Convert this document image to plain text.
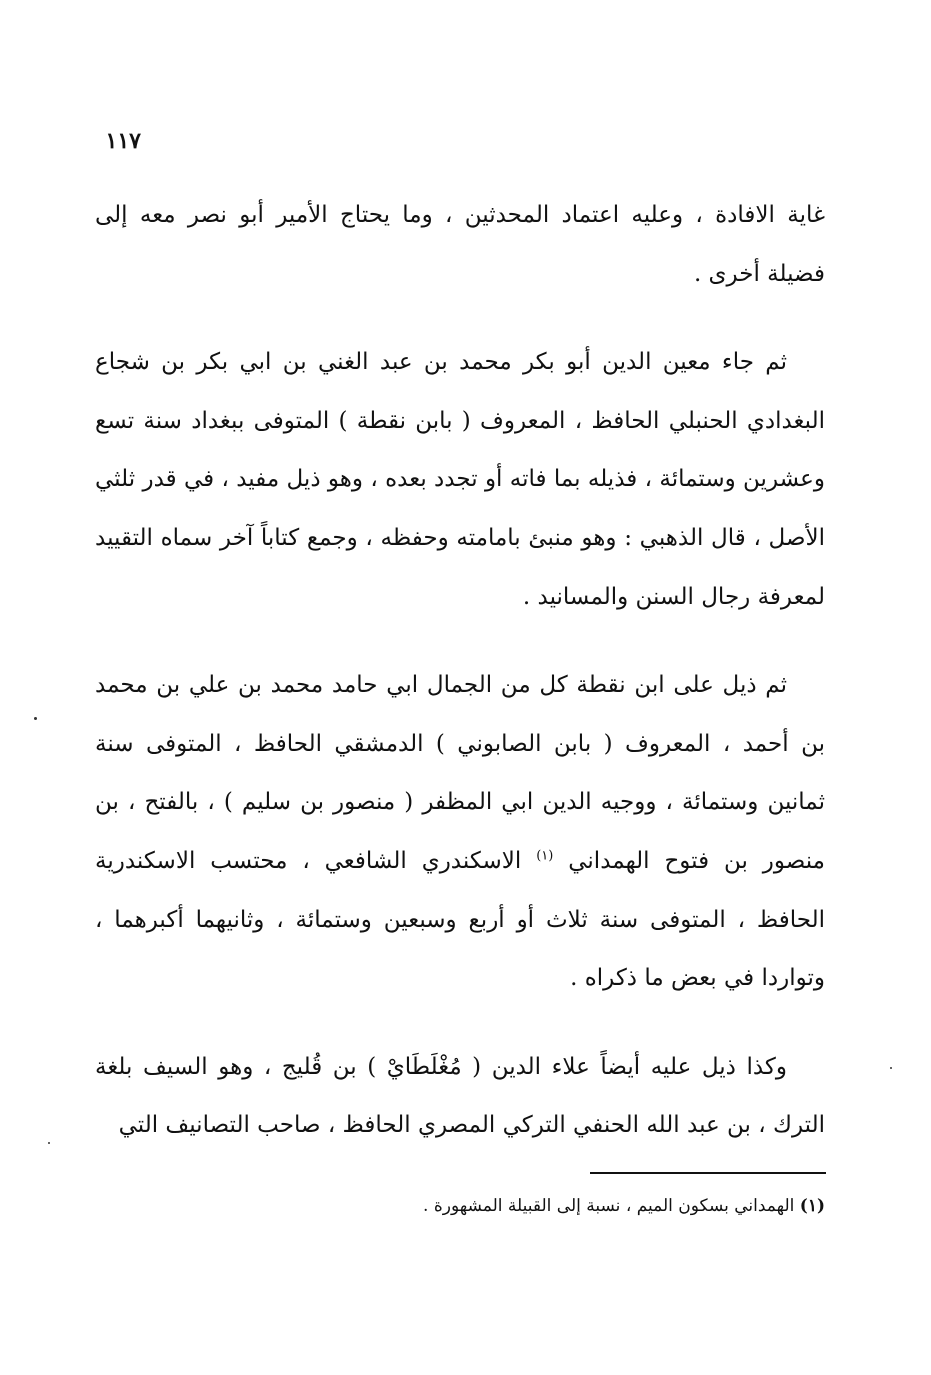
١١٧

غاية الافادة ، وعليه اعتماد المحدثين ، وما يحتاج الأمير أبو نصر معه إلى فضيلة أخرى .

ثم جاء معين الدين أبو بكر محمد بن عبد الغني بن ابي بكر بن شجاع البغدادي الحنبلي الحافظ ، المعروف ( بابن نقطة ) المتوفى ببغداد سنة تسع وعشرين وستمائة ، فذيله بما فاته أو تجدد بعده ، وهو ذيل مفيد ، في قدر ثلثي الأصل ، قال الذهبي : وهو منبئ بامامته وحفظه ، وجمع كتاباً آخر سماه التقييد لمعرفة رجال السنن والمسانيد .

ثم ذيل على ابن نقطة كل من الجمال ابي حامد محمد بن علي بن محمد بن أحمد ، المعروف ( بابن الصابوني ) الدمشقي الحافظ ، المتوفى سنة ثمانين وستمائة ، ووجيه الدين ابي المظفر ( منصور بن سليم ) ، بالفتح ، بن منصور بن فتوح الهمداني $^{(١)}$ الاسكندري الشافعي ، محتسب الاسكندرية الحافظ ، المتوفى سنة ثلاث أو أربع وسبعين وستمائة ، وثانيهما أكبرهما ، وتواردا في بعض ما ذكراه .

وكذا ذيل عليه أيضاً علاء الدين ( مُغْلَطَايْ ) بن قُليج ، وهو السيف بلغة الترك ، بن عبد الله الحنفي التركي المصري الحافظ ، صاحب التصانيف التي

(١) الهمداني بسكون الميم ، نسبة إلى القبيلة المشهورة .
